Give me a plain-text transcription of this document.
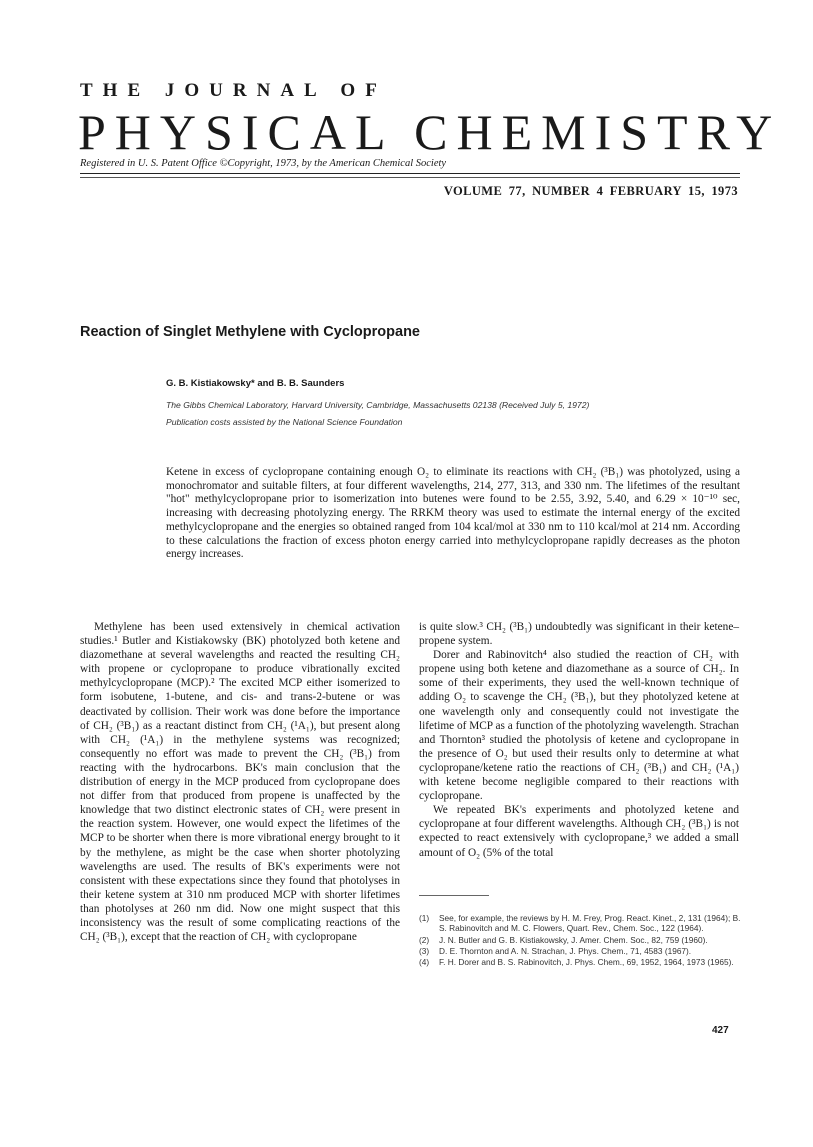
THE JOURNAL OF
PHYSICAL CHEMISTRY
Registered in U. S. Patent Office ©Copyright, 1973, by the American Chemical Society
VOLUME 77, NUMBER 4 FEBRUARY 15, 1973
Reaction of Singlet Methylene with Cyclopropane
G. B. Kistiakowsky* and B. B. Saunders
The Gibbs Chemical Laboratory, Harvard University, Cambridge, Massachusetts 02138 (Received July 5, 1972)
Publication costs assisted by the National Science Foundation
Ketene in excess of cyclopropane containing enough O₂ to eliminate its reactions with CH₂ (³B₁) was photolyzed, using a monochromator and suitable filters, at four different wavelengths, 214, 277, 313, and 330 nm. The lifetimes of the resultant "hot" methylcyclopropane prior to isomerization into butenes were found to be 2.55, 3.92, 5.40, and 6.29 × 10⁻¹⁰ sec, increasing with decreasing photolyzing energy. The RRKM theory was used to estimate the internal energy of the excited methylcyclopropane and the energies so obtained ranged from 104 kcal/mol at 330 nm to 110 kcal/mol at 214 nm. According to these calculations the fraction of excess photon energy carried into methylcyclopropane rapidly decreases as the photon energy increases.

Methylene has been used extensively in chemical activation studies.¹ Butler and Kistiakowsky (BK) photolyzed both ketene and diazomethane at several wavelengths and reacted the resulting CH₂ with propene or cyclopropane to produce vibrationally excited methylcyclopropane (MCP).² The excited MCP either isomerized to form isobutene, 1-butene, and cis- and trans-2-butene or was deactivated by collision. Their work was done before the importance of CH₂ (³B₁) as a reactant distinct from CH₂ (¹A₁), but present along with CH₂ (¹A₁) in the methylene systems was recognized; consequently no effort was made to prevent the CH₂ (³B₁) from reacting with the hydrocarbons. BK's main conclusion that the distribution of energy in the MCP produced from cyclopropane does not differ from that produced from propene is unaffected by the knowledge that two distinct electronic states of CH₂ were present in the reaction system. However, one would expect the lifetimes of the MCP to be shorter when there is more vibrational energy brought to it by the methylene, as might be the case when shorter photolyzing wavelengths are used. The results of BK's experiments were not consistent with these expectations since they found that photolyses in their ketene system at 310 nm produced MCP with shorter lifetimes than photolyses at 260 nm did. Now one might suspect that this inconsistency was the result of some complicating reactions of the CH₂ (³B₁), except that the reaction of CH₂ with cyclopropane

is quite slow.³ CH₂ (³B₁) undoubtedly was significant in their ketene–propene system.

Dorer and Rabinovitch⁴ also studied the reaction of CH₂ with propene using both ketene and diazomethane as a source of CH₂. In some of their experiments, they used the well-known technique of adding O₂ to scavenge the CH₂ (³B₁), but they photolyzed ketene at one wavelength only and consequently could not investigate the lifetime of MCP as a function of the photolyzing wavelength. Strachan and Thornton³ studied the photolysis of ketene and cyclopropane in the presence of O₂ but used their results only to determine at what cyclopropane/ketene ratio the reactions of CH₂ (³B₁) and CH₂ (¹A₁) with ketene become negligible compared to their reactions with cyclopropane.

We repeated BK's experiments and photolyzed ketene and cyclopropane at four different wavelengths. Although CH₂ (³B₁) is not expected to react extensively with cyclopropane,³ we added a small amount of O₂ (5% of the total

(1)	See, for example, the reviews by H. M. Frey, Prog. React. Kinet., 2, 131 (1964); B. S. Rabinovitch and M. C. Flowers, Quart. Rev., Chem. Soc., 122 (1964).
(2)	J. N. Butler and G. B. Kistiakowsky, J. Amer. Chem. Soc., 82, 759 (1960).
(3)	D. E. Thornton and A. N. Strachan, J. Phys. Chem., 71, 4583 (1967).
(4)	F. H. Dorer and B. S. Rabinovitch, J. Phys. Chem., 69, 1952, 1964, 1973 (1965).
427
